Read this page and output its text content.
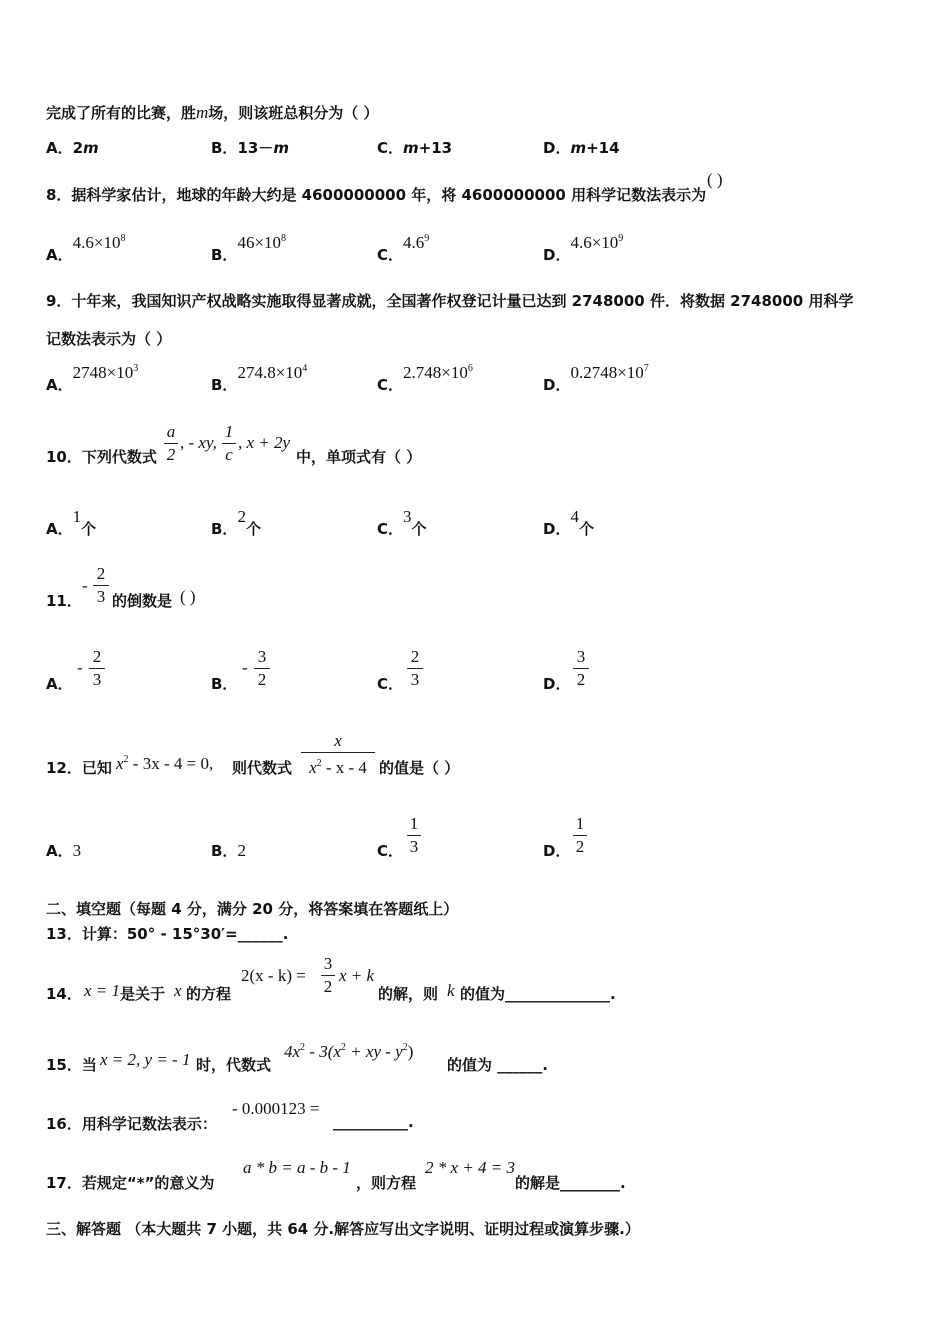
完成了所有的比赛，胜m场，则该班总积分为（ ）
A．2m	B．13－m	C．m+13	D．m+14
8．据科学家估计，地球的年龄大约是 4600000000 年，将 4600000000 用科学记数法表示为
( )
A．$4.6\times 10^8$
B．$46\times 10^8$
C．$4.6^9$
D．$4.6\times 10^9$
9．十年来，我国知识产权战略实施取得显著成就，全国著作权登记计量已达到 2748000 件．将数据 2748000 用科学
记数法表示为（ ）
A．$2748\times 10^3$
B．$274.8\times 10^4$
C．$2.748\times 10^6$
D．$0.2748\times 10^7$
10．下列代数式
a
2
, - xy,
1
c
, x + 2y
中，单项式有（ ）
A．1个	B．2个	C．3个	D．4个
11．
-
2
3 的倒数是 ( )
A．
-
2
3	B．
-
3
2	C．
2
3	D．
3
2
12．已知 $x^2 - 3x - 4 = 0$, 则代数式
x
$x^2$ - x - 4 的值是（ ）
A．3	B．2	C．
1
3	D．
1
2
二、填空题（每题 4 分，满分 20 分，将答案填在答题纸上）
13．计算：50° - 15°30′=______.
14． x = 1 是关于 x 的方程
2(x - k) =
3
2
x + k
的解，则 k 的值为______________.
15．当 x = 2, y = - 1 时，代数式
$4x^2 - 3(x^2$ + xy - $y^2$)
的值为 ______.
16．用科学记数法表示：
- 0.000123 =
__________.
17．若规定“*”的意义为
a * b = a - b - 1
，则方程
2 * x + 4 = 3
的解是________.
三、解答题 （本大题共 7 小题，共 64 分.解答应写出文字说明、证明过程或演算步骤.）
